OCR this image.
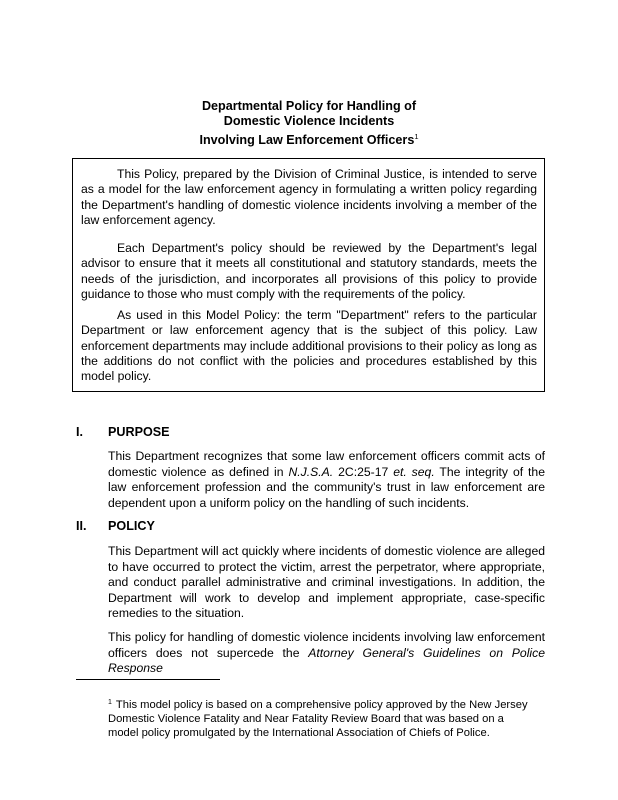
Departmental Policy for Handling of
Domestic Violence Incidents
Involving Law Enforcement Officers$^1$

This Policy, prepared by the Division of Criminal Justice, is intended to serve as a model for the law enforcement agency in formulating a written policy regarding the Department's handling of domestic violence incidents involving a member of the law enforcement agency.

Each Department's policy should be reviewed by the Department's legal advisor to ensure that it meets all constitutional and statutory standards, meets the needs of the jurisdiction, and incorporates all provisions of this policy to provide guidance to those who must comply with the requirements of the policy.

As used in this Model Policy: the term "Department" refers to the particular Department or law enforcement agency that is the subject of this policy. Law enforcement departments may include additional provisions to their policy as long as the additions do not conflict with the policies and procedures established by this model policy.

I. PURPOSE

This Department recognizes that some law enforcement officers commit acts of domestic violence as defined in N.J.S.A. 2C:25-17 et. seq. The integrity of the law enforcement profession and the community's trust in law enforcement are dependent upon a uniform policy on the handling of such incidents.

II. POLICY

This Department will act quickly where incidents of domestic violence are alleged to have occurred to protect the victim, arrest the perpetrator, where appropriate, and conduct parallel administrative and criminal investigations. In addition, the Department will work to develop and implement appropriate, case-specific remedies to the situation.

This policy for handling of domestic violence incidents involving law enforcement officers does not supercede the Attorney General's Guidelines on Police Response

$^1$ This model policy is based on a comprehensive policy approved by the New Jersey Domestic Violence Fatality and Near Fatality Review Board that was based on a model policy promulgated by the International Association of Chiefs of Police.
